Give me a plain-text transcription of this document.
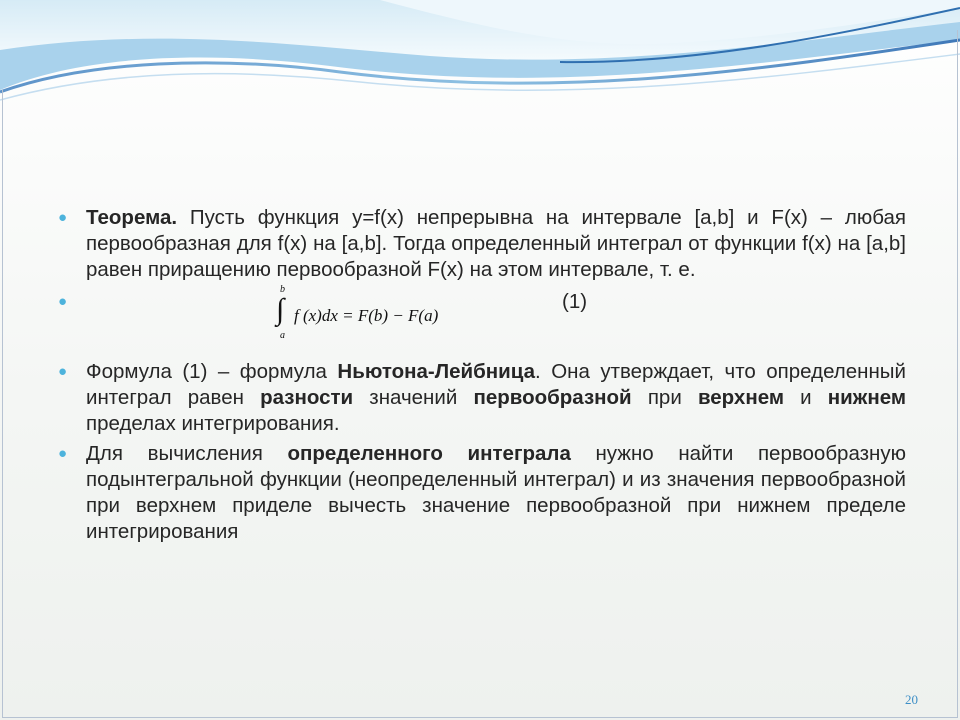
● Теорема. Пусть функция y=f(x) непрерывна на интервале [a,b] и F(x) – любая первообразная для f(x) на [a,b]. Тогда определенный интеграл от функции f(x) на [a,b] равен приращению первообразной F(x) на этом интервале, т. е.
●
b
∫
a
f (x)dx = F(b) − F(a)
(1)
● Формула (1) – формула Ньютона-Лейбница. Она утверждает, что определенный интеграл равен разности значений первообразной при верхнем и нижнем пределах интегрирования.
● Для вычисления определенного интеграла нужно найти первообразную подынтегральной функции (неопределенный интеграл) и из значения первообразной при верхнем приделе вычесть значение первообразной при нижнем пределе интегрирования
20
